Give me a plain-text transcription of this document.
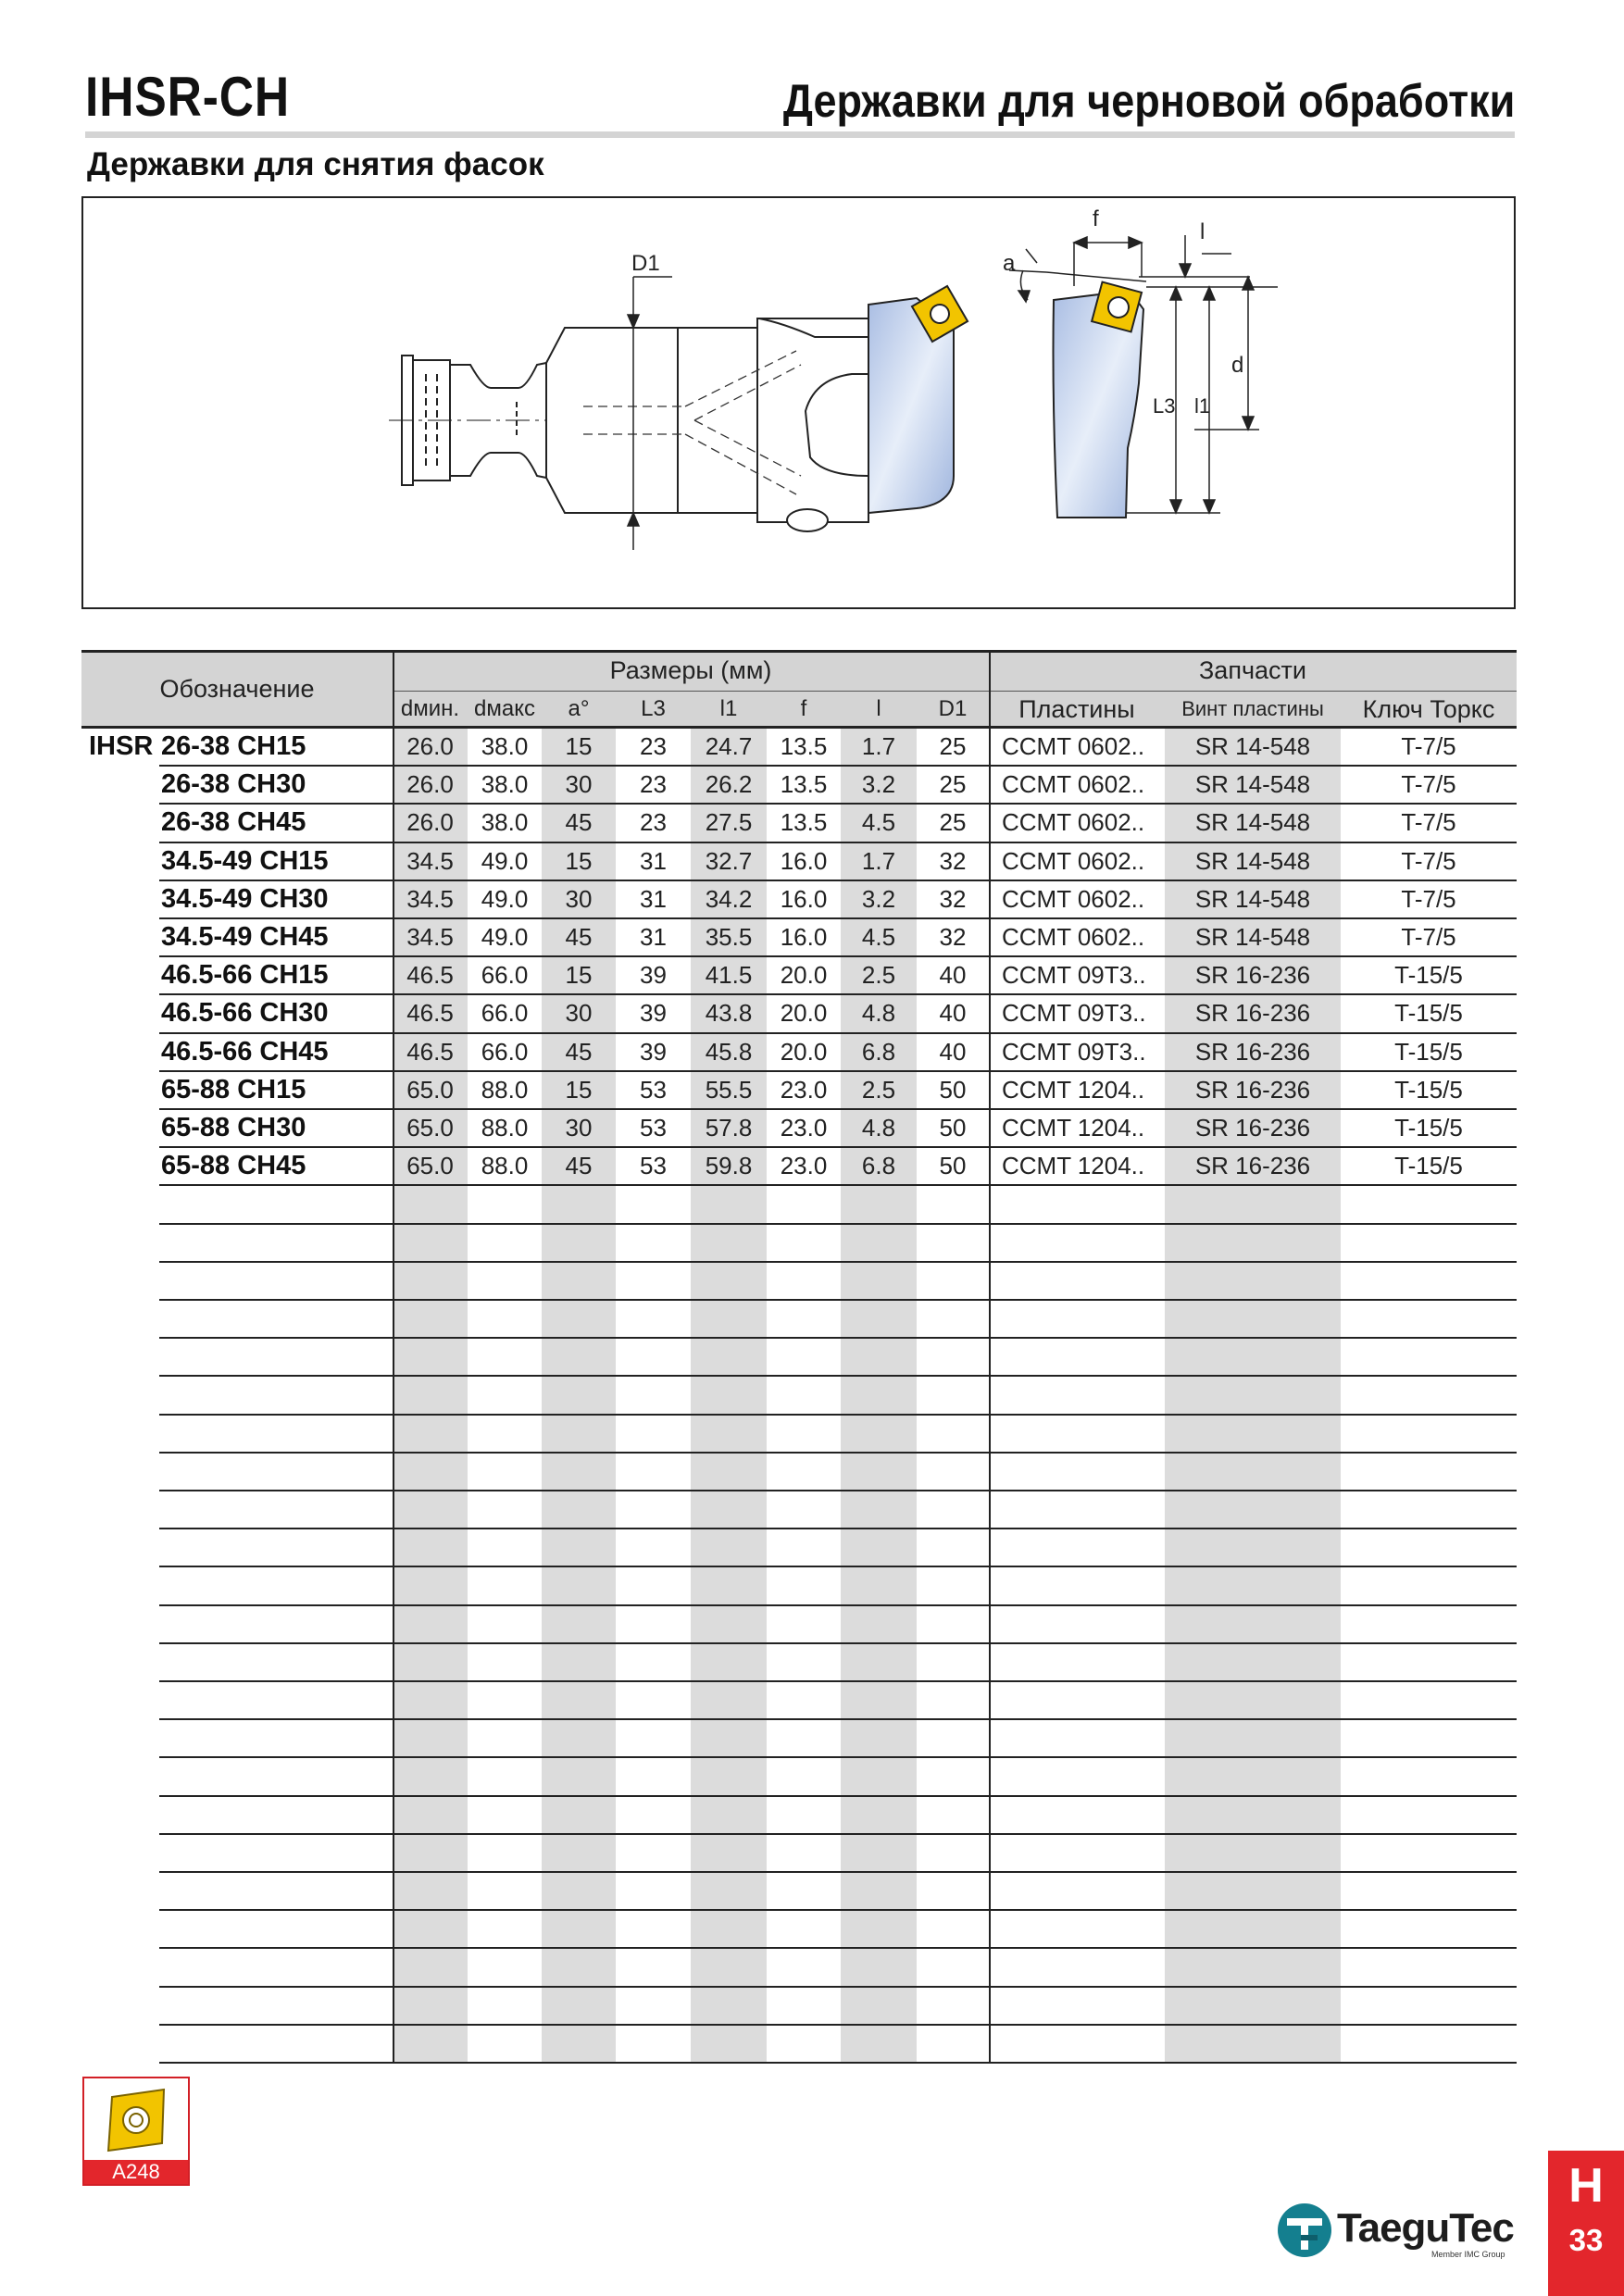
IHSR-CH	Державки для черновой обработки
Державки для снятия фасок
D1
f
l
a
d
L3 l1
Обозначение
Размеры (мм)	Запчасти
dмин. dмакс	a°	L3	l1	f	l	D1	Пластины	Винт пластины	Ключ Торкс
IHSR 26-38 CH15	26.0	38.0	15	23	24.7	13.5	1.7	25	CCMT 0602..	SR 14-548	T-7/5
26-38 CH30	26.0	38.0	30	23	26.2	13.5	3.2	25	CCMT 0602..	SR 14-548	T-7/5
26-38 CH45	26.0	38.0	45	23	27.5	13.5	4.5	25	CCMT 0602..	SR 14-548	T-7/5
34.5-49 CH15	34.5	49.0	15	31	32.7	16.0	1.7	32	CCMT 0602..	SR 14-548	T-7/5
34.5-49 CH30	34.5	49.0	30	31	34.2	16.0	3.2	32	CCMT 0602..	SR 14-548	T-7/5
34.5-49 CH45	34.5	49.0	45	31	35.5	16.0	4.5	32	CCMT 0602..	SR 14-548	T-7/5
46.5-66 CH15	46.5	66.0	15	39	41.5	20.0	2.5	40	CCMT 09T3..	SR 16-236	T-15/5
46.5-66 CH30	46.5	66.0	30	39	43.8	20.0	4.8	40	CCMT 09T3..	SR 16-236	T-15/5
46.5-66 CH45	46.5	66.0	45	39	45.8	20.0	6.8	40	CCMT 09T3..	SR 16-236	T-15/5
65-88 CH15	65.0	88.0	15	53	55.5	23.0	2.5	50	CCMT 1204..	SR 16-236	T-15/5
65-88 CH30	65.0	88.0	30	53	57.8	23.0	4.8	50	CCMT 1204..	SR 16-236	T-15/5
65-88 CH45	65.0	88.0	45	53	59.8	23.0	6.8	50	CCMT 1204..	SR 16-236	T-15/5
A248
TaeguTec
Member IMC Group
H
33
